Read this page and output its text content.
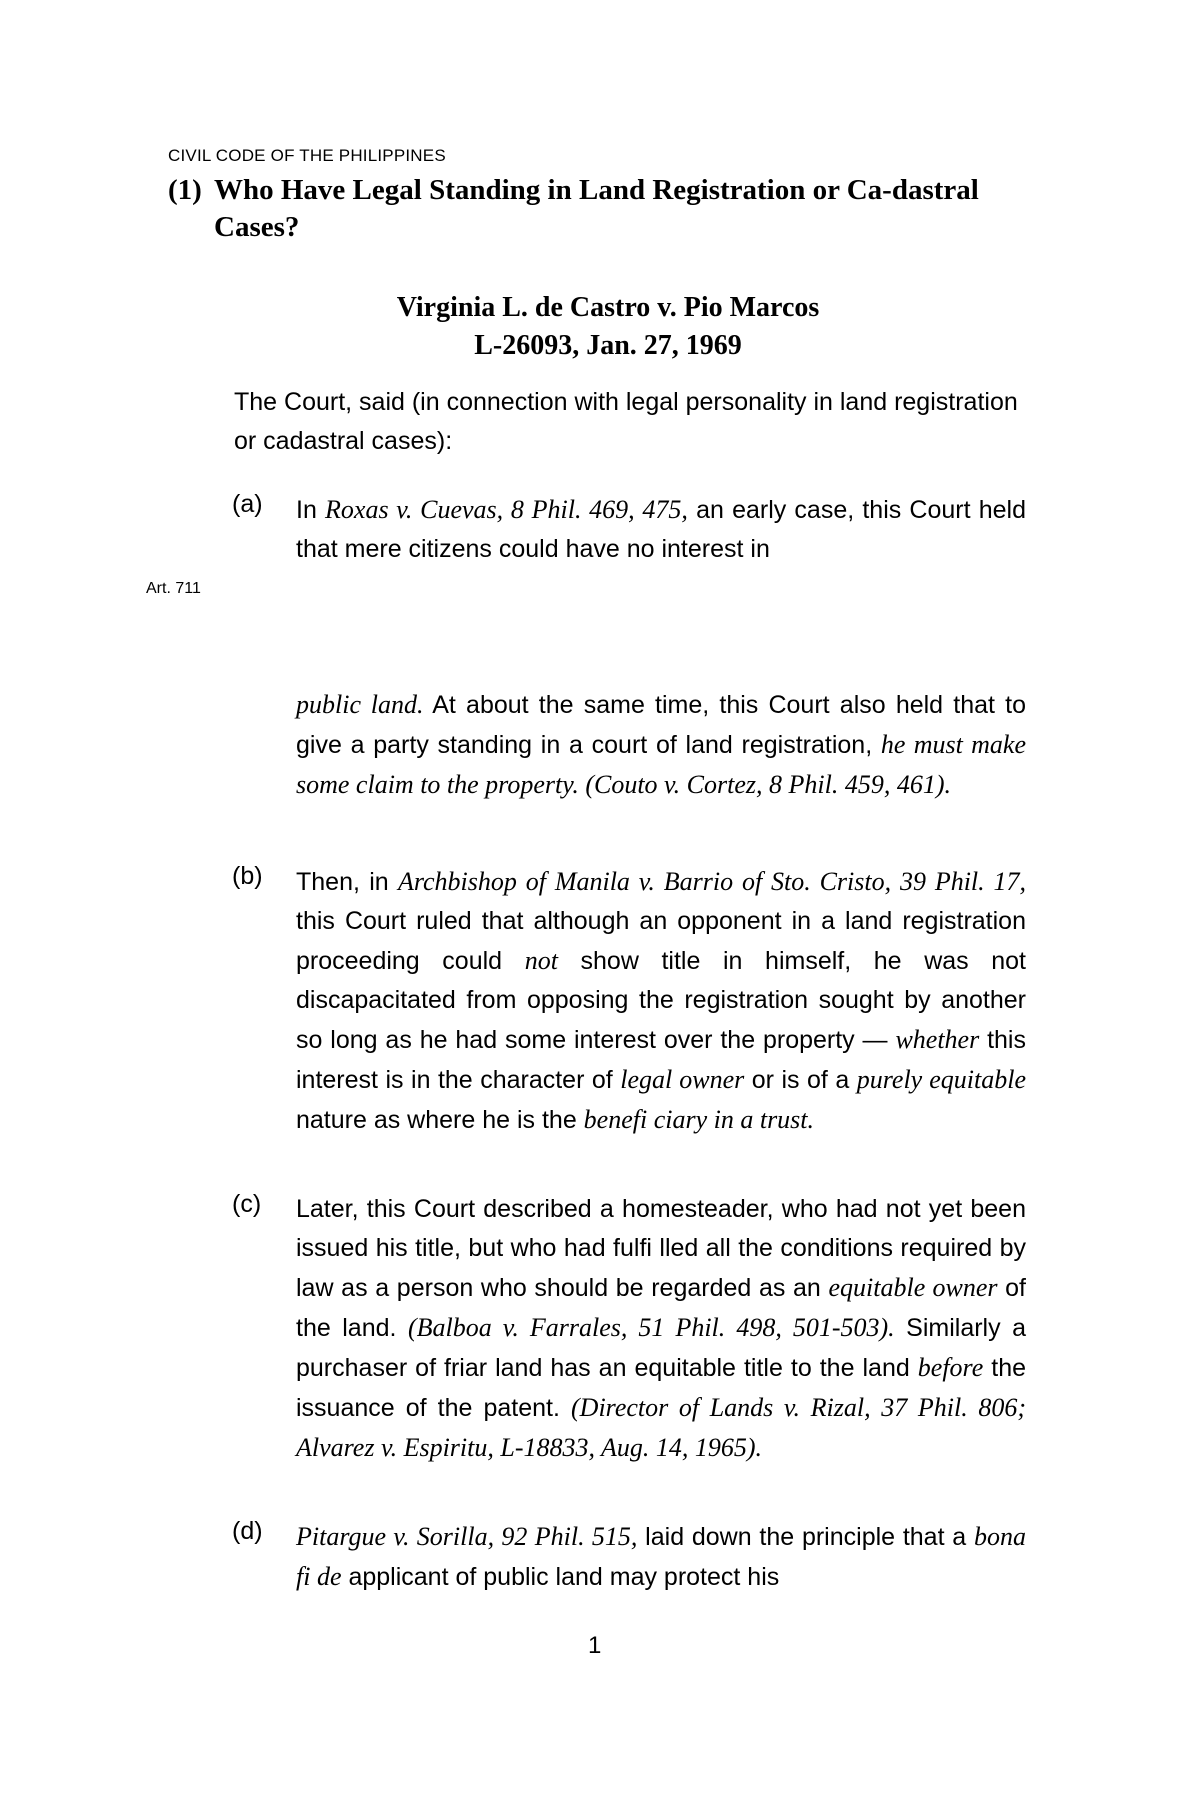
CIVIL CODE OF THE PHILIPPINES
(1) Who Have Legal Standing in Land Registration or Ca-dastral Cases?
Virginia L. de Castro v. Pio Marcos
L-26093, Jan. 27, 1969
The Court, said (in connection with legal personality in land registration or cadastral cases):
(a) In Roxas v. Cuevas, 8 Phil. 469, 475, an early case, this Court held that mere citizens could have no interest in
Art. 711
public land. At about the same time, this Court also held that to give a party standing in a court of land registration, he must make some claim to the property. (Couto v. Cortez, 8 Phil. 459, 461).
(b) Then, in Archbishop of Manila v. Barrio of Sto. Cristo, 39 Phil. 17, this Court ruled that although an opponent in a land registration proceeding could not show title in himself, he was not discapacitated from opposing the registration sought by another so long as he had some interest over the property — whether this interest is in the character of legal owner or is of a purely equitable nature as where he is the benefi ciary in a trust.
(c) Later, this Court described a homesteader, who had not yet been issued his title, but who had fulfi lled all the conditions required by law as a person who should be regarded as an equitable owner of the land. (Balboa v. Farrales, 51 Phil. 498, 501-503). Similarly a purchaser of friar land has an equitable title to the land before the issuance of the patent. (Director of Lands v. Rizal, 37 Phil. 806; Alvarez v. Espiritu, L-18833, Aug. 14, 1965).
(d) Pitargue v. Sorilla, 92 Phil. 515, laid down the principle that a bona fi de applicant of public land may protect his
1
